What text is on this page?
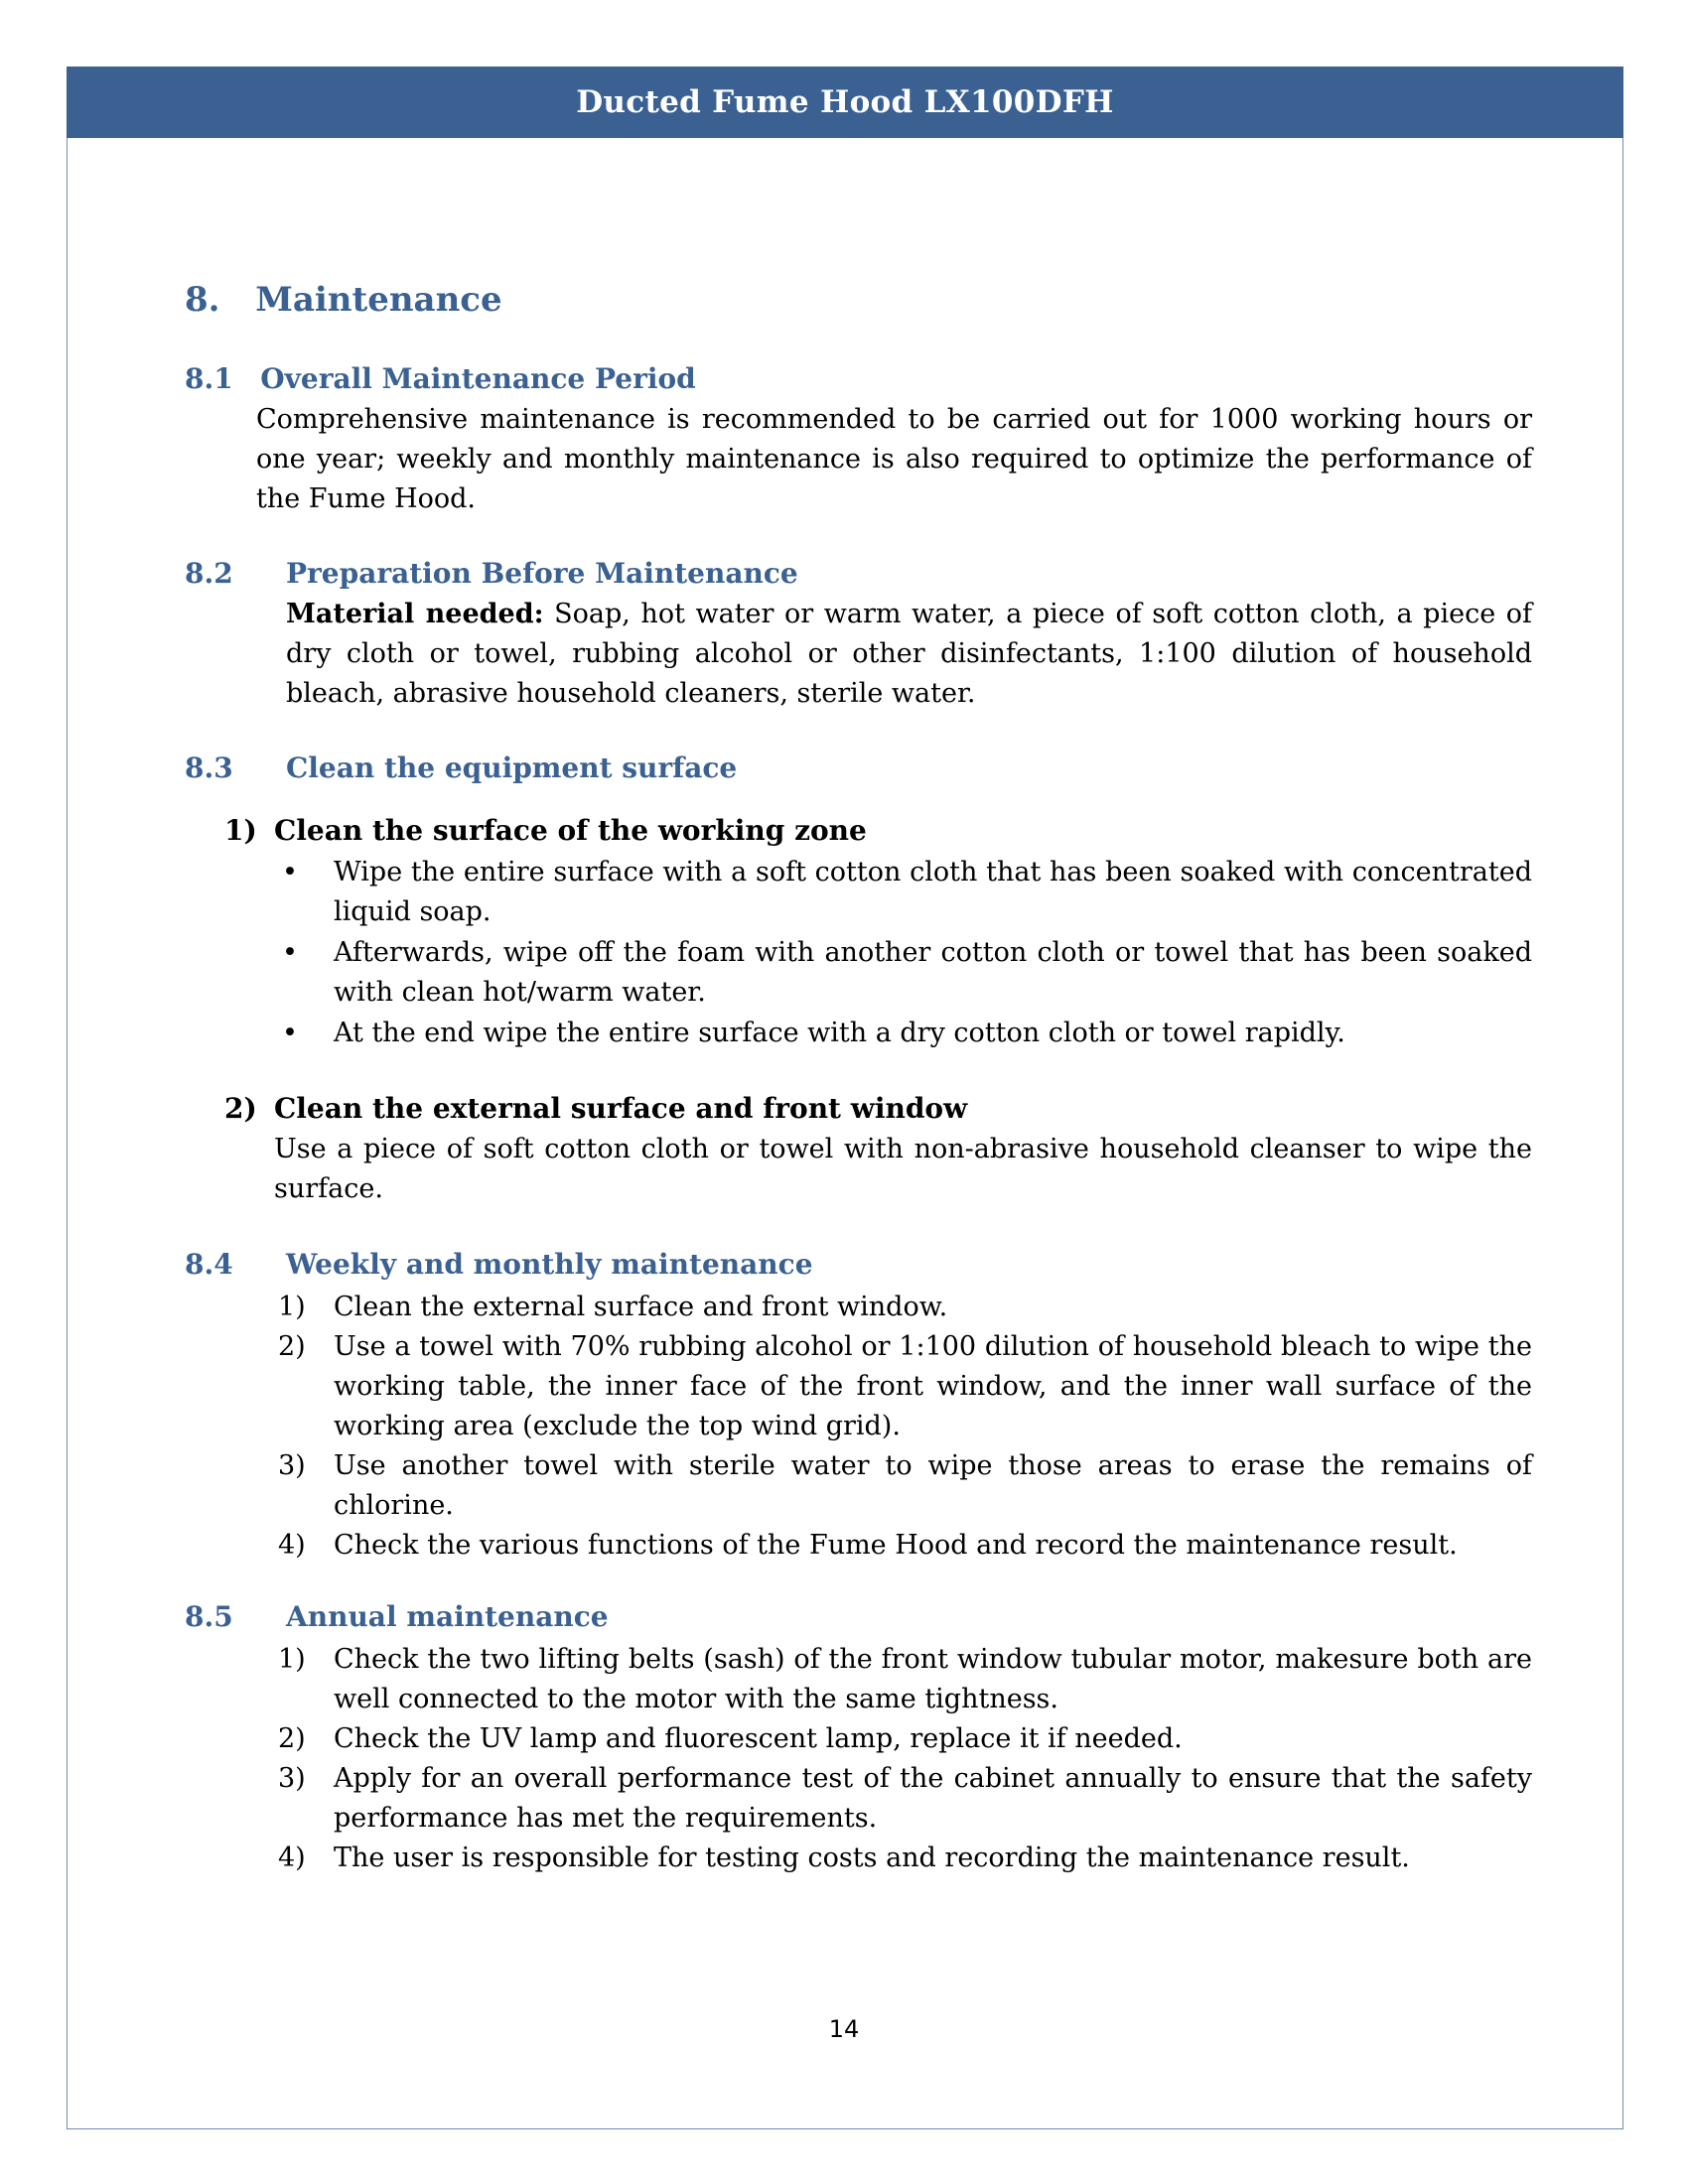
Ducted Fume Hood LX100DFH
8. Maintenance
8.1 Overall Maintenance Period
Comprehensive maintenance is recommended to be carried out for 1000 working hours or one year; weekly and monthly maintenance is also required to optimize the performance of the Fume Hood.
8.2 Preparation Before Maintenance
Material needed: Soap, hot water or warm water, a piece of soft cotton cloth, a piece of dry cloth or towel, rubbing alcohol or other disinfectants, 1:100 dilution of household bleach, abrasive household cleaners, sterile water.
8.3 Clean the equipment surface
1) Clean the surface of the working zone
• Wipe the entire surface with a soft cotton cloth that has been soaked with concentrated liquid soap.
• Afterwards, wipe off the foam with another cotton cloth or towel that has been soaked with clean hot/warm water.
• At the end wipe the entire surface with a dry cotton cloth or towel rapidly.
2) Clean the external surface and front window
Use a piece of soft cotton cloth or towel with non-abrasive household cleanser to wipe the surface.
8.4 Weekly and monthly maintenance
1) Clean the external surface and front window.
2) Use a towel with 70% rubbing alcohol or 1:100 dilution of household bleach to wipe the working table, the inner face of the front window, and the inner wall surface of the working area (exclude the top wind grid).
3) Use another towel with sterile water to wipe those areas to erase the remains of chlorine.
4) Check the various functions of the Fume Hood and record the maintenance result.
8.5 Annual maintenance
1) Check the two lifting belts (sash) of the front window tubular motor, makesure both are well connected to the motor with the same tightness.
2) Check the UV lamp and fluorescent lamp, replace it if needed.
3) Apply for an overall performance test of the cabinet annually to ensure that the safety performance has met the requirements.
4) The user is responsible for testing costs and recording the maintenance result.
14
